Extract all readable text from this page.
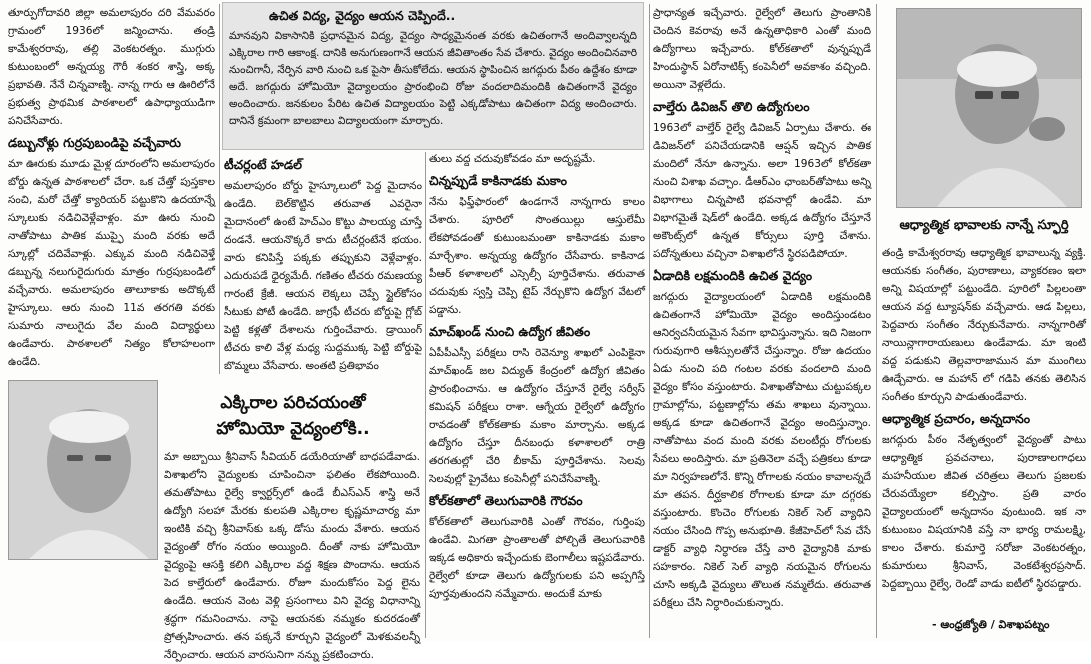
తూర్పుగోదావరి జిల్లా అమలాపురం దరి వేమవరం గ్రామంలో 1936లో జన్మించాను. తండ్రి కామేశ్వరరావు, తల్లి వెంకటరత్నం. ముగ్గురు కుటుంబంలో అన్నయ్య గౌరీ శంకర శాస్త్రి, అక్క ప్రభావతి. నేనే చిన్నవాణ్ని. నాన్న గారు ఆ ఊరిలోనే ప్రభుత్వ ప్రాథమిక పాఠశాలలో ఉపాధ్యాయుడిగా పనిచేసేవారు.

డబ్బునోళ్లు గుర్రపుబండిపై వచ్చేవారు

మా ఊరుకు మూడు మైళ్ల దూరంలోని అమలాపురం బోర్డు ఉన్నత పాఠశాలలో చేరా. ఒక చేత్తో పుస్తకాల సంచి, మరో చేత్తో క్యారియర్ పట్టుకొని ఉదయాన్నే స్కూలుకు నడిచివెళ్లేవాళ్లం. మా ఊరు నుంచి నాతోపాటు పాతిక ముప్ఫై మంది వరకు అదే స్కూల్లో చదివేవాళ్లు. ఎక్కువ మంది నడిచివెళ్తే డబ్బున్న నలుగురైదుగురు మాత్రం గుర్రపుబండిలో వచ్చేవారు. అమలాపురం తాలూకాకు అదొక్కటే హైస్కూలు. ఆరు నుంచి 11వ తరగతి వరకు సుమారు నాలుగైదు వేల మంది విద్యార్థులు ఉండేవారు. పాఠశాలలో నిత్యం కోలాహలంగా ఉండేది.

ఉచిత విద్య, వైద్యం ఆయన చెప్పిందే..

మానవుని వికాసానికి ప్రధానమైన విద్య, వైద్యం సాధ్యమైనంత వరకు ఉచితంగానే అందివ్వాలన్నది ఎక్కిరాల గారి ఆకాంక్ష. దానికి అనుగుణంగానే ఆయన జీవితాంతం సేవ చేశారు. వైద్యం అందించినవారి నుంచిగానీ, నేర్పిన వారి నుంచి ఒక పైసా తీసుకోలేదు. ఆయన స్థాపించిన జగద్గురు పీఠం ఉద్దేశం కూడా అదే. జగద్గురు హోమియో వైద్యాలయం ప్రారంభించి రోజు వందలాదిమందికి ఉచితంగానే వైద్యం అందించారు. జనకులం పేరిట ఉచిత విద్యాలయం పెట్టి ఎక్కడోపాటు ఉచితంగా విద్య అందించారు. దానినే క్రమంగా బాలబాలు విద్యాలయంగా మార్చారు.

టీచర్లంటే హడల్

అమలాపురం బోర్డు హైస్కూలులో పెద్ద మైదానం ఉండేది. బెల్‌కొట్టిన తరువాత ఎవరైనా మైదానంలో ఉంటే హెచ్‌ఎం కొట్టు పాలయ్య చూస్తే దండనే. ఆయనొక్కరే కాదు టీచర్లంటేనే భయం. వారు కనిపిస్తే పక్కకు తప్పుకుని వెళ్లేవాళ్లం. ఎదురుపడే ధైర్యమేదీ. గణితం టీచరు రమణయ్య గారంటే క్రేజీ. ఆయన లెక్కలు చెప్పే స్టైల్‌కోసం సీటుకు పోటీ ఉండేది. జాగ్రఫీ టీచరు బోర్డుపై గ్లోబ్ పెట్టి కళ్లతో దేశాలను గుర్తించేవారు. డ్రాయింగ్ టీచరు కాలి వేళ్ల మధ్య సుద్దముక్క పెట్టి బోర్డుపై బొమ్మలు వేసేవారు. అంతటి ప్రతిభావం

తులు వద్ద చదువుకోవడం మా అదృష్టమే.

చిన్నప్పుడే కాకినాడకు మకాం

నేను ఫిఫ్త్‌ఫారంలో ఉండగానే నాన్నగారు కాలం చేశారు. పూరిలో సొంతయిల్లు ఆస్తులేమీ లేకపోవడంతో కుటుంబమంతా కాకినాడకు మకాం మార్చేశాం. అన్నయ్య ఉద్యోగం చేసేవారు. కాకినాడ పీఆర్ కళాశాలలో ఎస్సెల్సీ పూర్తిచేశాను. తరువాత చదువుకు స్వస్తి చెప్పి టైప్ నేర్చుకొని ఉద్యోగ వేటలో పడ్డాను.

మాచ్‌ఖండ్ నుంచి ఉద్యోగ జీవితం

ఏపీపీఎస్సీ పరీక్షలు రాసి రెవెన్యూ శాఖలో ఎంపికైనా మాచ్‌ఖండ్ జల విద్యుత్ కేంద్రంలో ఉద్యోగ జీవితం ప్రారంభించాను. ఆ ఉద్యోగం చేస్తూనే రైల్వే సర్వీస్ కమిషన్ పరీక్షలు రాశా. ఆగ్నేయ రైల్వేలో ఉద్యోగం రావడంతో కోల్‌కతాకు మకాం మార్చాను. అక్కడ ఉద్యోగం చేస్తూ దీనబంధు కళాశాలలో రాత్రి తరగతుల్లో చేరి బీకామ్ పూర్తిచేశాను. సెలవు సెలవుల్లో ప్రైవేటు కంపెనీల్లో పనిచేసేవాణ్ని.

కోల్‌కతాలో తెలుగువారికి గౌరవం

కోల్‌కతాలో తెలుగువారికి ఎంతో గౌరవం, గుర్తింపు ఉండేవి. మిగతా ప్రాంతాలతో పోల్చితే తెలుగువారికి ఇక్కడ అధికారు ఇచ్చేందుకు బెంగాలీలు ఇష్టపడేవారు. రైల్వేలో కూడా తెలుగు ఉద్యోగులకు పని అప్పగిస్తే పూర్తవుతుందని నమ్మేవారు. అందుకే మాకు

ప్రాధాన్యత ఇచ్చేవారు. రైల్వేలో తెలుగు ప్రాంతానికి చెందిన కెవరావు అనే ఉన్నతాధికారి ఎంతో మంది ఉద్యోగాలు ఇచ్చేవారు. కోల్‌కతాలో వున్నప్పుడే హిందుస్థాన్ ఏరోనాటిక్స్ కంపెనీలో అవకాశం వచ్చింది. అయినా వెళ్లలేదు.

వాల్తేరు డివిజన్ తొలి ఉద్యోగులం

1963లో వాల్తేర్ రైల్వే డివిజన్ ఏర్పాటు చేశారు. ఈ డివిజన్‌లో పనిచేయడానికి ఆప్షన్ ఇచ్చిన పాతిక మందిలో నేనూ ఉన్నాను. అలా 1963లో కోల్‌కతా నుంచి విశాఖ వచ్చాం. డీఆర్‌ఎం ఛాంబర్‌తోపాటు అన్ని విభాగాలు చిన్నపాటి భవనాల్లో ఉండేవి. మా విభాగమైతే షెడ్‌లో ఉండేది. అక్కడ ఉద్యోగం చేస్తూనే అకౌంట్స్‌లో ఉన్నత కోర్సులు పూర్తి చేశాను. పదోన్నతులు వచ్చినా విశాఖలోనే స్థిరపడిపోయా.

ఏడాదికి లక్షమందికి ఉచిత వైద్యం

జగద్గురు వైద్యాలయంలో ఏడాదికి లక్షమందికి ఉచితంగానే హోమియో వైద్యం అందిస్తుండటం ఆనిర్వచనీయమైన సేవగా భావిస్తున్నాను. ఇది నిజంగా గురువుగారి ఆశీస్సులతోనే చేస్తున్నాం. రోజు ఉదయం ఏడు నుంచి పది గంటల వరకు వందలాది మంది వైద్యం కోసం వస్తుంటారు. విశాఖతోపాటు చుట్టుపక్కల గ్రామాల్లోను, పట్టణాల్లోను తమ శాఖలు వున్నాయి. అక్కడ కూడా ఉచితంగానే వైద్యం అందిస్తున్నాం. నాతోపాటు వంద మంది వరకు వలంటీర్లు రోగులకు సేవలు అందిస్తారు. మా ప్రతినెలా వచ్చే పత్రికలు కూడా మా నిర్వహణలోనే. కొన్ని రోగాలకు నయం కావాలన్నదే మా తపన. దీర్ఘకాలిక రోగాలకు కూడా మా దగ్గరకు వస్తుంటారు. కొంచెం రోగులకు నికెల్ సెల్ వ్యాధిని నయం చేసింది గొప్ప అనుభూతి. కేజీహెచ్‌లో సేవ చేసే డాక్టర్ వ్యాధి నిర్ధారణ చేస్తే వారి వైద్యానికి మాకు సహకారం. నికెల్ సెల్ వ్యాధి నయమైన రోగులను చూసి అక్కడి వైద్యులు తొలుత నమ్మలేదు. తరువాత పరీక్షలు చేసి నిర్ధారించుకున్నారు.

ఆధ్యాత్మిక భావాలకు నాన్నే స్ఫూర్తి

తండ్రి కామేశ్వరరావు ఆధ్యాత్మిక భావాలున్న వ్యక్తి. ఆయనకు సంగీతం, పురాణాలు, వ్యాకరణం ఇలా అన్ని విషయాల్లో పట్టుండేది. పూరిలో పిల్లలంతా ఆయన వద్ద ట్యూషన్‌కు వచ్చేవారు. ఆడ పిల్లలు, పెద్దవారు సంగీతం నేర్చుకునేవారు. నాన్నగారితో నాయిన్లాగారాయణులు ఉండేవాడు. మా ఇంటి వద్ద పడుకుని తెల్లవారాజామున మా ముంగిలు ఊడ్చేవారు. ఆ మహాన్ లో గడిపి తనకు తెలిసిన సంగీతం కూర్చుని పాడుతుండేవారు.

ఆధ్యాత్మిక ప్రచారం, అన్నదానం

జగద్గురు పీఠం నేతృత్వంలో వైద్యంతో పాటు ఆధ్యాత్మిక ప్రవచనాలు, పురాణాలగాధలు మహనీయుల జీవిత చరిత్రలు తెలుగు ప్రజలకు చేరువయ్యేలా కల్పిస్తాం. ప్రతి వారం వైద్యాలయంలో అన్నదానం వుంటుంది. ఇక నా కుటుంబం విషయానికి వస్తే నా భార్య రామలక్ష్మి, కాలం చేశారు. కుమార్తె సరోజా వెంకటరత్నం, కుమారులు శ్రీనివాస్, వెంకటేశ్వరప్రసాద్. పెద్దబ్బాయి రైల్వే, రెండో వాడు ఐటీలో స్థిరపడ్డారు.

- ఆంధ్రజ్యోతి / విశాఖపట్నం
ఎక్కిరాల పరిచయంతో
హోమియో వైద్యంలోకి..

మా అబ్బాయి శ్రీనివాస్ సీవియర్ డయేరియాతో బాధపడేవాడు. విశాఖలోని వైద్యులకు చూపించినా ఫలితం లేకపోయింది. తమతోపాటు రైల్వే క్వార్టర్స్‌లో ఉండే బీఎస్ఎన్ శాస్త్రి అనే ఉద్యోగి సలహా మేరకు కులపతి ఎక్కిరాల కృష్ణమాచార్య మా ఇంటికి వచ్చి శ్రీనివాస్‌కు ఒక్క డోసు మందు వేశారు. ఆయన వైద్యంతో రోగం నయం అయ్యింది. దీంతో నాకు హోమియో వైద్యంపై ఆసక్తి కలిగి ఎక్కిరాల వద్ద శిక్షణ పొందాను. ఆయన పెద కాల్తేరులో ఉండేవారు. రోజూ మందుకోసం పెద్ద లైను ఉండేది. ఆయన వెంట వెళ్లి ప్రసంగాలు విని వైద్య విధానాన్ని శ్రద్ధగా గమనించాను. నాపై ఆయనకు నమ్మకం కుదరడంతో ప్రోత్సహించారు. తన పక్కనే కూర్చుని వైద్యంలో మెళకువలన్నీ నేర్పించారు. ఆయన వారసునిగా నన్ను ప్రకటించారు.
